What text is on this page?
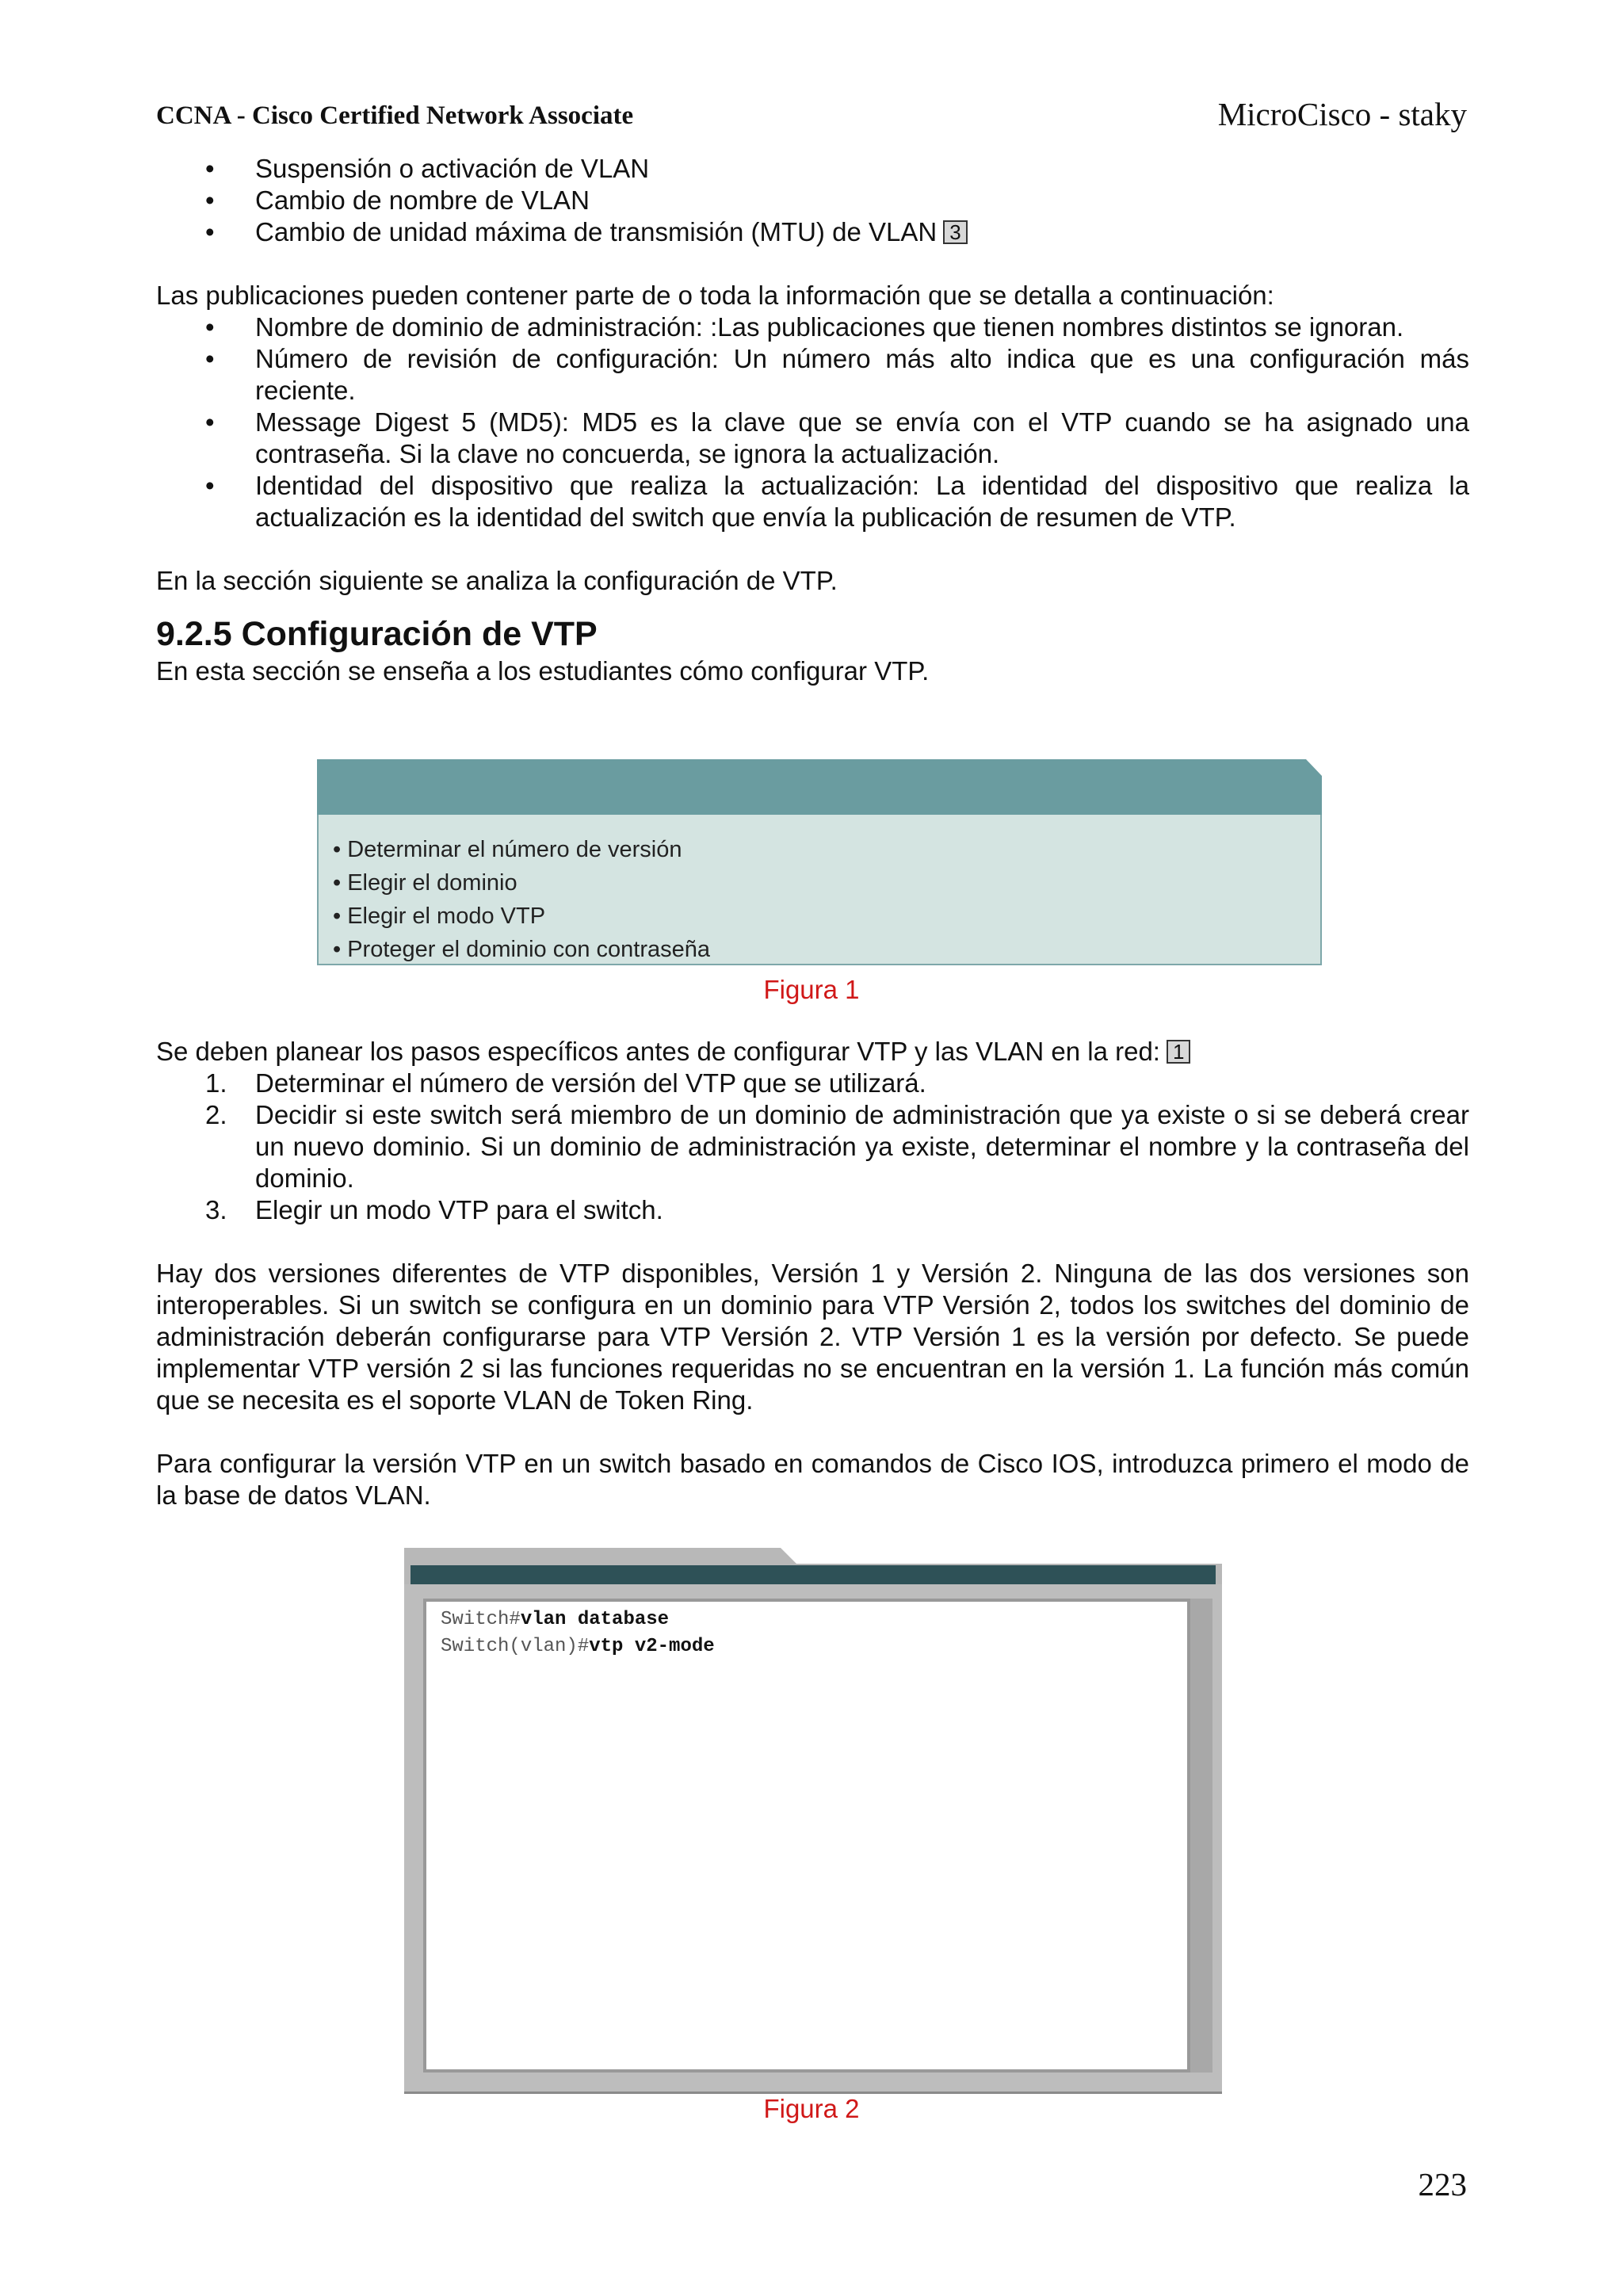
CCNA - Cisco Certified Network Associate	MicroCisco - staky
• Suspensión o activación de VLAN
• Cambio de nombre de VLAN
• Cambio de unidad máxima de transmisión (MTU) de VLAN 3

Las publicaciones pueden contener parte de o toda la información que se detalla a continuación:

• Nombre de dominio de administración: :Las publicaciones que tienen nombres distintos se ignoran.
• Número de revisión de configuración: Un número más alto indica que es una configuración más reciente.
• Message Digest 5 (MD5): MD5 es la clave que se envía con el VTP cuando se ha asignado una contraseña. Si la clave no concuerda, se ignora la actualización.
• Identidad del dispositivo que realiza la actualización: La identidad del dispositivo que realiza la actualización es la identidad del switch que envía la publicación de resumen de VTP.

En la sección siguiente se analiza la configuración de VTP.

9.2.5 Configuración de VTP

En esta sección se enseña a los estudiantes cómo configurar VTP.

• Determinar el número de versión
• Elegir el dominio
• Elegir el modo VTP
• Proteger el dominio con contraseña
Figura 1

Se deben planear los pasos específicos antes de configurar VTP y las VLAN en la red: 1

1. Determinar el número de versión del VTP que se utilizará.
2. Decidir si este switch será miembro de un dominio de administración que ya existe o si se deberá crear un nuevo dominio. Si un dominio de administración ya existe, determinar el nombre y la contraseña del dominio.
3. Elegir un modo VTP para el switch.

Hay dos versiones diferentes de VTP disponibles, Versión 1 y Versión 2. Ninguna de las dos versiones son interoperables. Si un switch se configura en un dominio para VTP Versión 2, todos los switches del dominio de administración deberán configurarse para VTP Versión 2. VTP Versión 1 es la versión por defecto. Se puede implementar VTP versión 2 si las funciones requeridas no se encuentran en la versión 1. La función más común que se necesita es el soporte VLAN de Token Ring.

Para configurar la versión VTP en un switch basado en comandos de Cisco IOS, introduzca primero el modo de la base de datos VLAN.

Switch#vlan database
Switch(vlan)#vtp v2-mode
Figura 2
223
